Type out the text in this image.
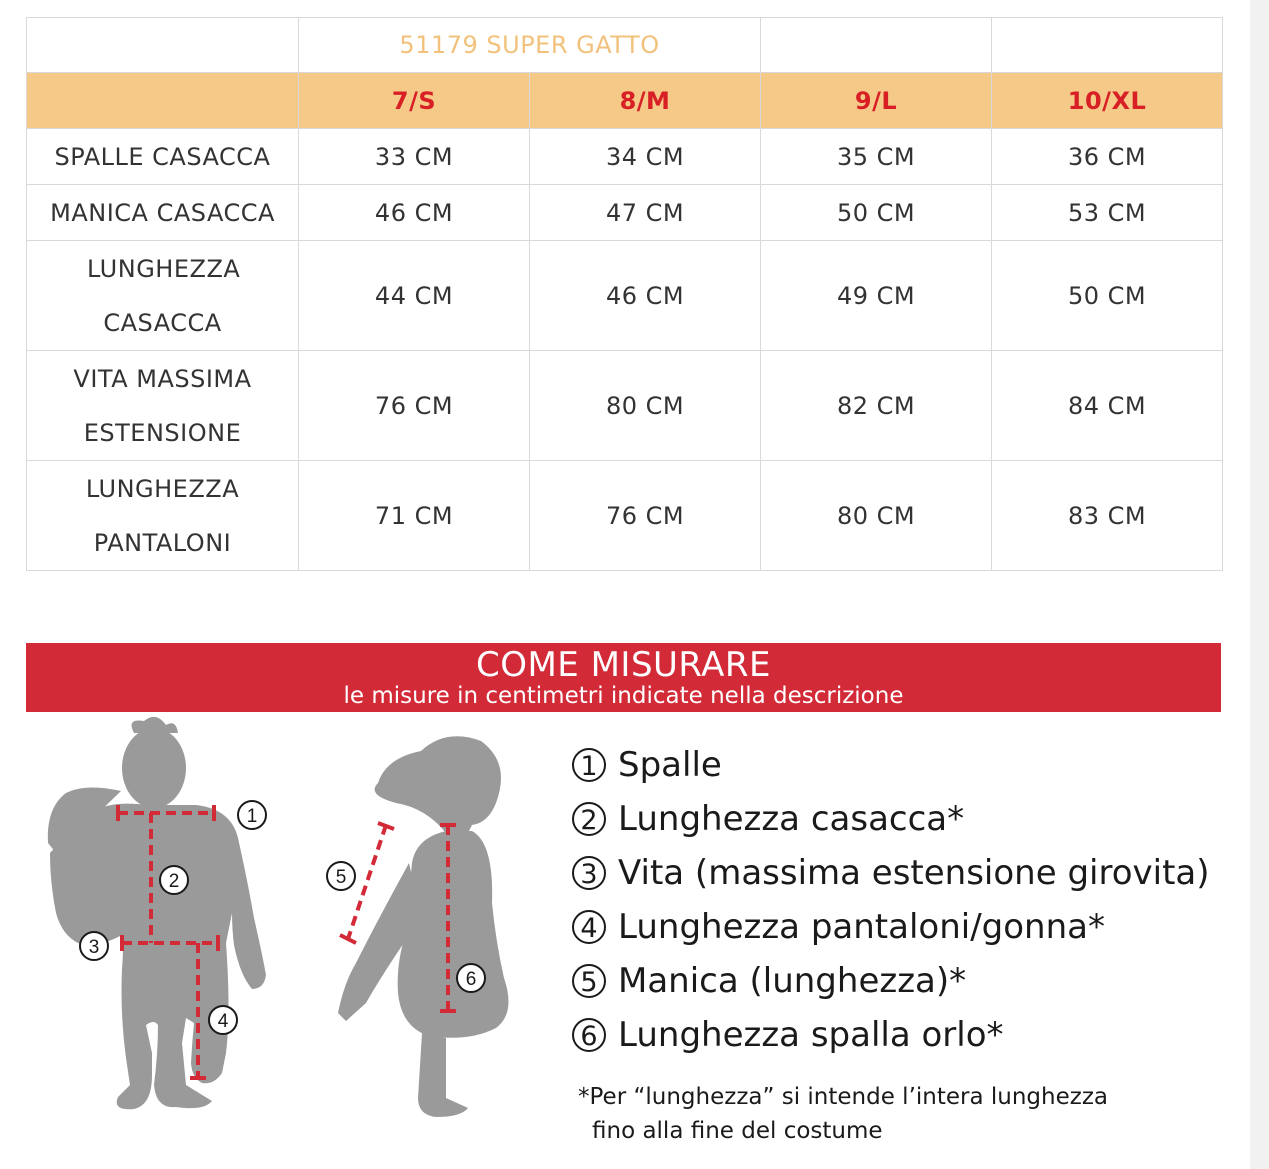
	51179 SUPER GATTO			
	7/S	8/M	9/L	10/XL
SPALLE CASACCA	33 CM	34 CM	35 CM	36 CM
MANICA CASACCA	46 CM	47 CM	50 CM	53 CM
LUNGHEZZA CASACCA	44 CM	46 CM	49 CM	50 CM
VITA MASSIMA ESTENSIONE	76 CM	80 CM	82 CM	84 CM
LUNGHEZZA PANTALONI	71 CM	76 CM	80 CM	83 CM
COME MISURARE
le misure in centimetri indicate nella descrizione
1
2
3
4
5
6
1 Spalle
2 Lunghezza casacca*
3 Vita (massima estensione girovita)
4 Lunghezza pantaloni/gonna*
5 Manica (lunghezza)*
6 Lunghezza spalla orlo*
*Per “lunghezza” si intende l’intera lunghezza
fino alla fine del costume
